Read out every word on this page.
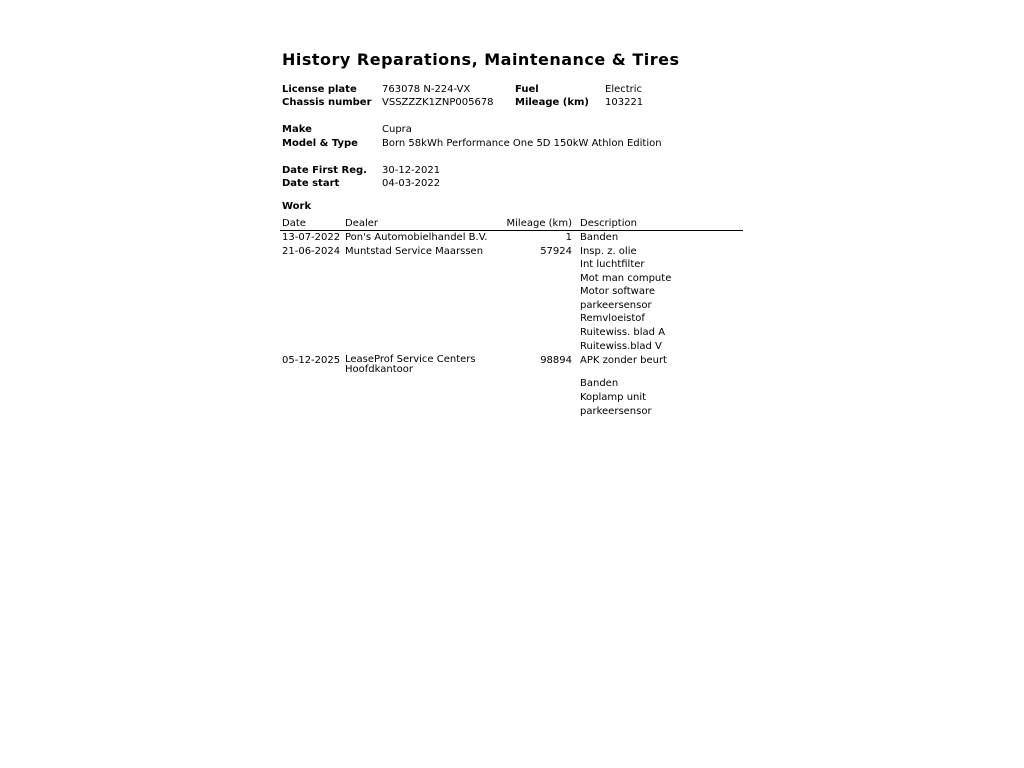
History Reparations, Maintenance & Tires
License plate	763078 N-224-VX	Fuel	Electric
Chassis number VSSZZZK1ZNP005678 Mileage (km) 103221
Make	Cupra
Model & Type Born 58kWh Performance One 5D 150kW Athlon Edition
Date First Reg. 30-12-2021
Date start	04-03-2022
Work
Date	Dealer	Mileage (km) Description
13-07-2022 Pon's Automobielhandel B.V.	1 Banden
21-06-2024 Muntstad Service Maarssen	57924 Insp. z. olie
Int luchtfilter
Mot man compute
Motor software
parkeersensor
Remvloeistof
Ruitewiss. blad A
Ruitewiss.blad V
05-12-2025 LeaseProf Service Centers
Hoofdkantoor
98894 APK zonder beurt
Banden
Koplamp unit
parkeersensor
